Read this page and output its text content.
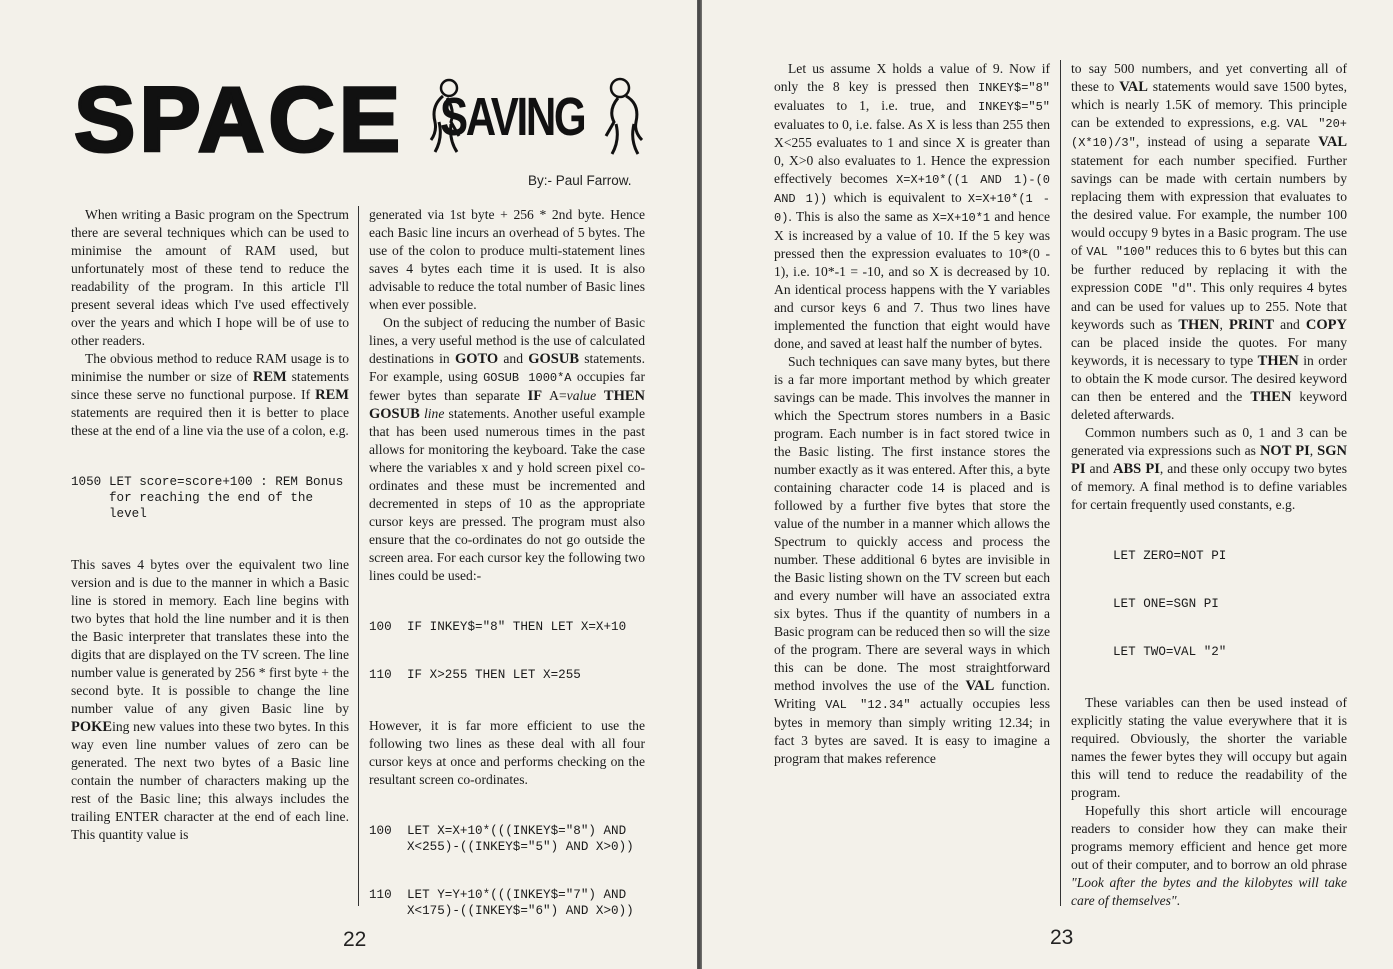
SPACE SAVING
By:- Paul Farrow.

When writing a Basic program on the Spectrum there are several techniques which can be used to minimise the amount of RAM used, but unfortunately most of these tend to reduce the readability of the program. In this article I'll present several ideas which I've used effectively over the years and which I hope will be of use to other readers.

The obvious method to reduce RAM usage is to minimise the number or size of REM statements since these serve no functional purpose. If REM statements are required then it is better to place these at the end of a line via the use of a colon, e.g.

1050 LET score=score+100 : REM Bonus for reaching the end of the level

This saves 4 bytes over the equivalent two line version and is due to the manner in which a Basic line is stored in memory. Each line begins with two bytes that hold the line number and it is then the Basic interpreter that translates these into the digits that are displayed on the TV screen. The line number value is generated by 256 * first byte + the second byte. It is possible to change the line number value of any given Basic line by POKEing new values into these two bytes. In this way even line number values of zero can be generated. The next two bytes of a Basic line contain the number of characters making up the rest of the Basic line; this always includes the trailing ENTER character at the end of each line. This quantity value is

generated via 1st byte + 256 * 2nd byte. Hence each Basic line incurs an overhead of 5 bytes. The use of the colon to produce multi-statement lines saves 4 bytes each time it is used. It is also advisable to reduce the total number of Basic lines when ever possible.

On the subject of reducing the number of Basic lines, a very useful method is the use of calculated destinations in GOTO and GOSUB statements. For example, using GOSUB 1000*A occupies far fewer bytes than separate IF A=value THEN GOSUB line statements. Another useful example that has been used numerous times in the past allows for monitoring the keyboard. Take the case where the variables x and y hold screen pixel co-ordinates and these must be incremented and decremented in steps of 10 as the appropriate cursor keys are pressed. The program must also ensure that the co-ordinates do not go outside the screen area. For each cursor key the following two lines could be used:-

100 IF INKEY$="8" THEN LET X=X+10

110 IF X>255 THEN LET X=255

However, it is far more efficient to use the following two lines as these deal with all four cursor keys at once and performs checking on the resultant screen co-ordinates.

100 LET X=X+10*(((INKEY$="8") AND X<255)-((INKEY$="5") AND X>0))

110 LET Y=Y+10*(((INKEY$="7") AND X<175)-((INKEY$="6") AND X>0))

22

Let us assume X holds a value of 9. Now if only the 8 key is pressed then INKEY$="8" evaluates to 1, i.e. true, and INKEY$="5" evaluates to 0, i.e. false. As X is less than 255 then X<255 evaluates to 1 and since X is greater than 0, X>0 also evaluates to 1. Hence the expression effectively becomes X=X+10*((1 AND 1)-(0 AND 1)) which is equivalent to X=X+10*(1 - 0). This is also the same as X=X+10*1 and hence X is increased by a value of 10. If the 5 key was pressed then the expression evaluates to 10*(0 - 1), i.e. 10*-1 = -10, and so X is decreased by 10. An identical process happens with the Y variables and cursor keys 6 and 7. Thus two lines have implemented the function that eight would have done, and saved at least half the number of bytes.

Such techniques can save many bytes, but there is a far more important method by which greater savings can be made. This involves the manner in which the Spectrum stores numbers in a Basic program. Each number is in fact stored twice in the Basic listing. The first instance stores the number exactly as it was entered. After this, a byte containing character code 14 is placed and is followed by a further five bytes that store the value of the number in a manner which allows the Spectrum to quickly access and process the number. These additional 6 bytes are invisible in the Basic listing shown on the TV screen but each and every number will have an associated extra six bytes. Thus if the quantity of numbers in a Basic program can be reduced then so will the size of the program. There are several ways in which this can be done. The most straightforward method involves the use of the VAL function. Writing VAL "12.34" actually occupies less bytes in memory than simply writing 12.34; in fact 3 bytes are saved. It is easy to imagine a program that makes reference

to say 500 numbers, and yet converting all of these to VAL statements would save 1500 bytes, which is nearly 1.5K of memory. This principle can be extended to expressions, e.g. VAL "20+(X*10)/3", instead of using a separate VAL statement for each number specified. Further savings can be made with certain numbers by replacing them with expression that evaluates to the desired value. For example, the number 100 would occupy 9 bytes in a Basic program. The use of VAL "100" reduces this to 6 bytes but this can be further reduced by replacing it with the expression CODE "d". This only requires 4 bytes and can be used for values up to 255. Note that keywords such as THEN, PRINT and COPY can be placed inside the quotes. For many keywords, it is necessary to type THEN in order to obtain the K mode cursor. The desired keyword can then be entered and the THEN keyword deleted afterwards.

Common numbers such as 0, 1 and 3 can be generated via expressions such as NOT PI, SGN PI and ABS PI, and these only occupy two bytes of memory. A final method is to define variables for certain frequently used constants, e.g.

LET ZERO=NOT PI

LET ONE=SGN PI

LET TWO=VAL "2"

These variables can then be used instead of explicitly stating the value everywhere that it is required. Obviously, the shorter the variable names the fewer bytes they will occupy but again this will tend to reduce the readability of the program.

Hopefully this short article will encourage readers to consider how they can make their programs memory efficient and hence get more out of their computer, and to borrow an old phrase "Look after the bytes and the kilobytes will take care of themselves".

23
